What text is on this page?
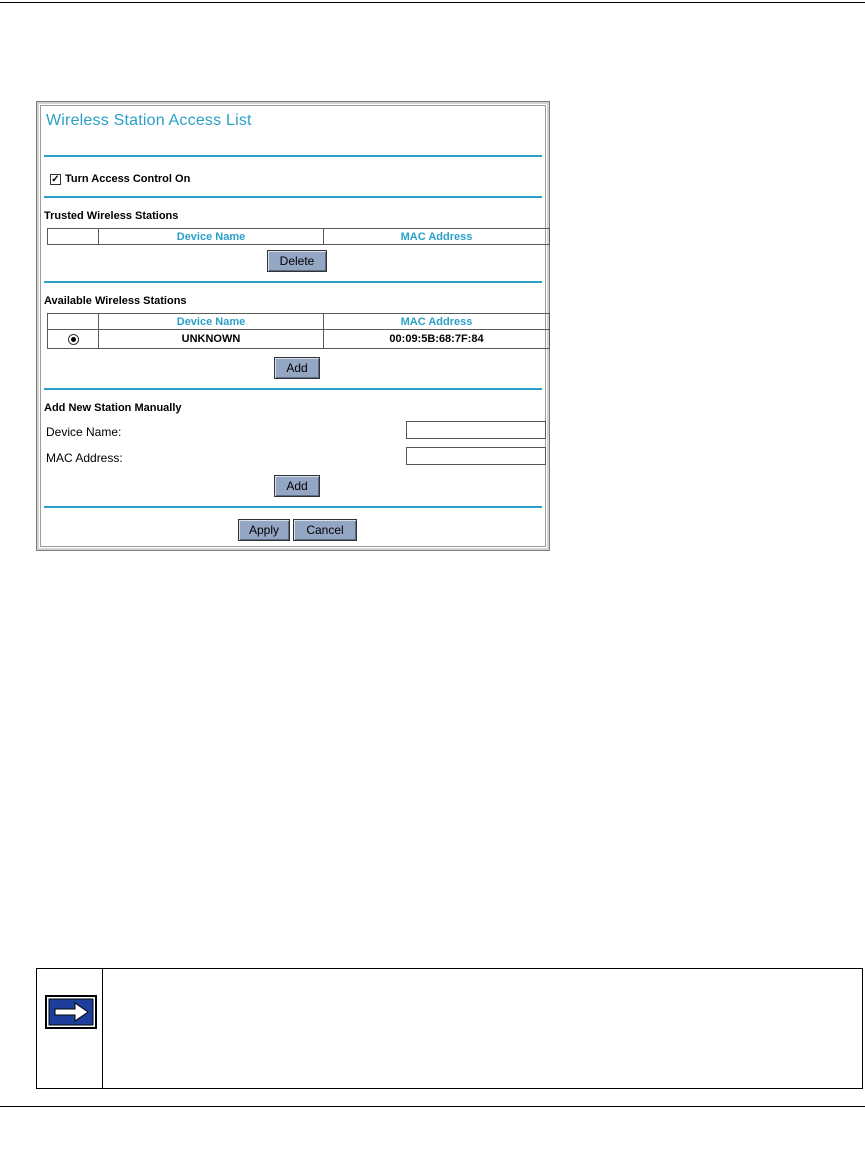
Wireless Station Access List
✓ Turn Access Control On
Trusted Wireless Stations
	Device Name	MAC Address
Delete
Available Wireless Stations
	Device Name	MAC Address
	UNKNOWN	00:09:5B:68:7F:84
Add
Add New Station Manually
Device Name:
MAC Address:
Add
Apply	Cancel
